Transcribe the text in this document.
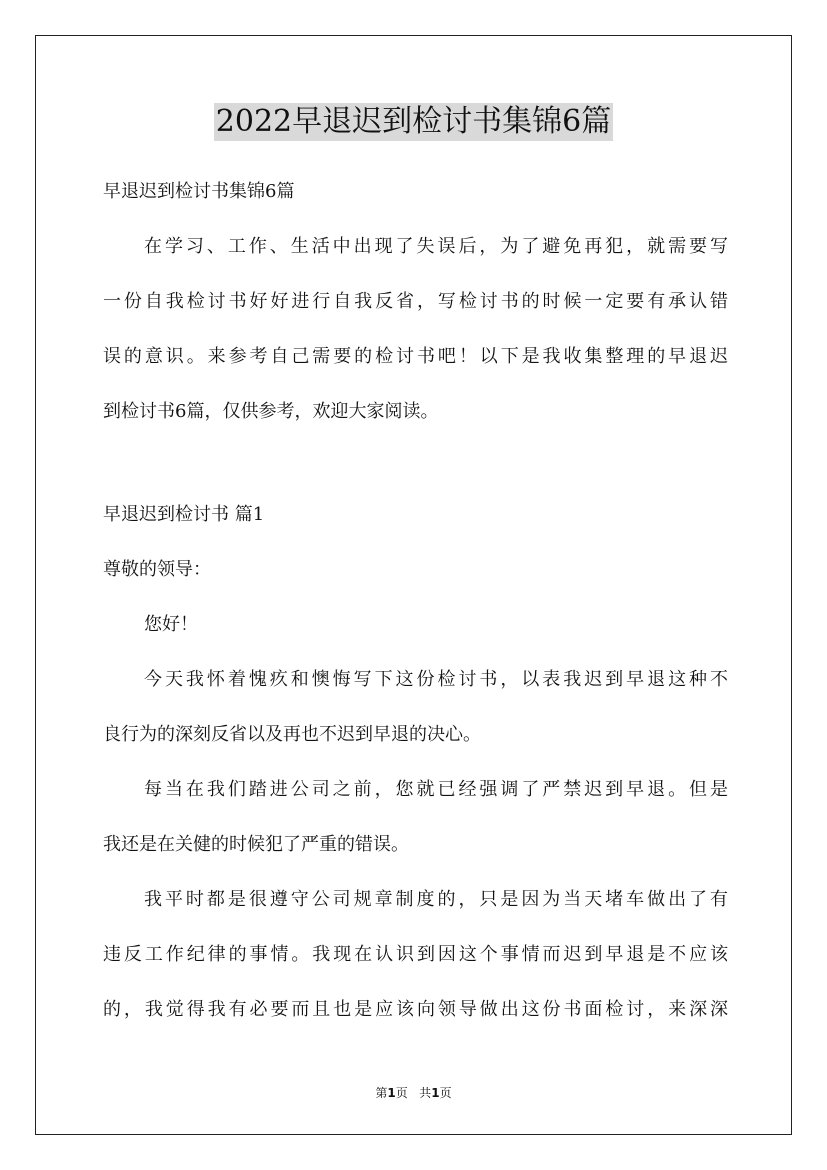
2022早退迟到检讨书集锦6篇
早退迟到检讨书集锦6篇
在学习、工作、生活中出现了失误后，为了避免再犯，就需要写
一份自我检讨书好好进行自我反省，写检讨书的时候一定要有承认错
误的意识。来参考自己需要的检讨书吧！以下是我收集整理的早退迟
到检讨书6篇，仅供参考，欢迎大家阅读。
早退迟到检讨书 篇1
尊敬的领导：
您好！
今天我怀着愧疚和懊悔写下这份检讨书，以表我迟到早退这种不
良行为的深刻反省以及再也不迟到早退的决心。
每当在我们踏进公司之前，您就已经强调了严禁迟到早退。但是
我还是在关健的时候犯了严重的错误。
我平时都是很遵守公司规章制度的，只是因为当天堵车做出了有
违反工作纪律的事情。我现在认识到因这个事情而迟到早退是不应该
的，我觉得我有必要而且也是应该向领导做出这份书面检讨，来深深
第1页 共1页
